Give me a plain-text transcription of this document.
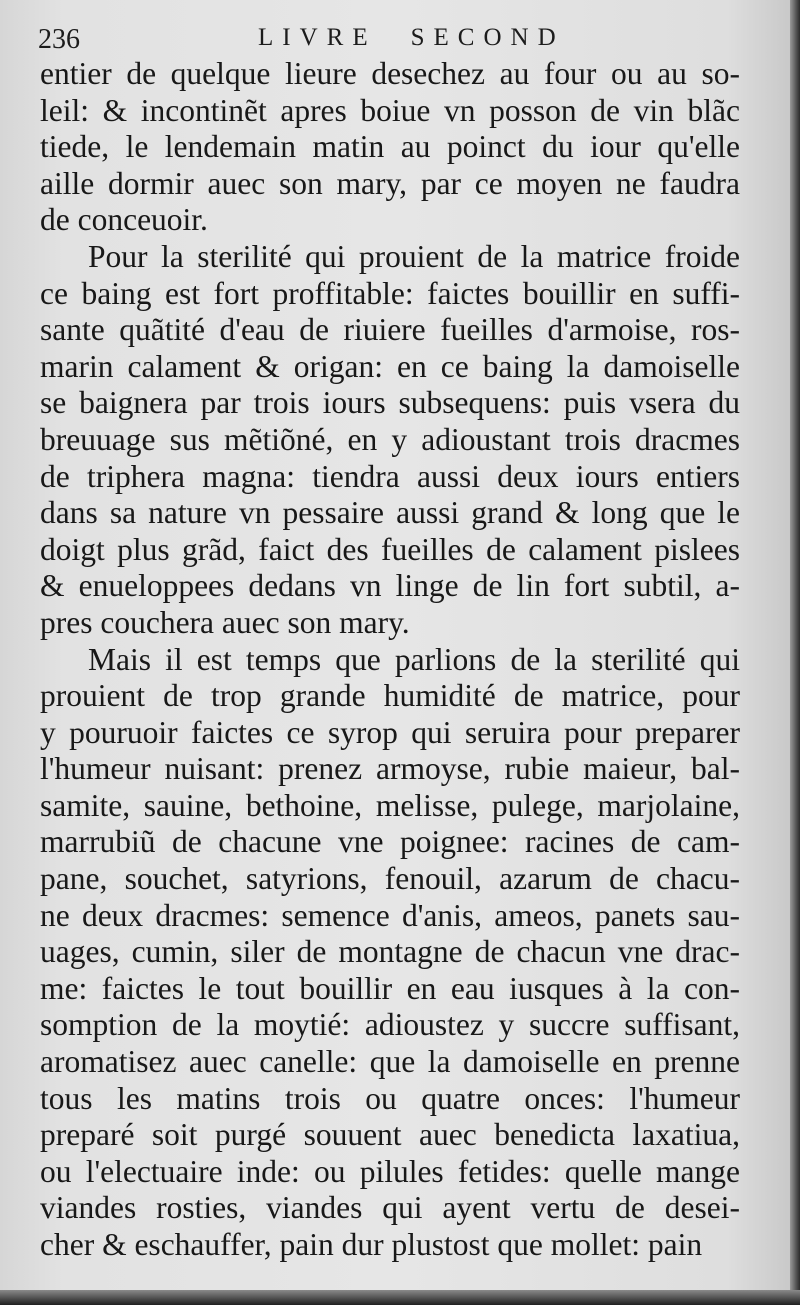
236	LIVRE SECOND
entier de quelque lieure desechez au four ou au so-
leil: & incontinẽt apres boiue vn posson de vin blãc
tiede, le lendemain matin au poinct du iour qu'elle
aille dormir auec son mary, par ce moyen ne faudra
de conceuoir.
Pour la sterilité qui prouient de la matrice froide
ce baing est fort proffitable: faictes bouillir en suffi-
sante quãtité d'eau de riuiere fueilles d'armoise, ros-
marin calament & origan: en ce baing la damoiselle
se baignera par trois iours subsequens: puis vsera du
breuuage sus mẽtiõné, en y adioustant trois dracmes
de triphera magna: tiendra aussi deux iours entiers
dans sa nature vn pessaire aussi grand & long que le
doigt plus grãd, faict des fueilles de calament pislees
& enueloppees dedans vn linge de lin fort subtil, a-
pres couchera auec son mary.
Mais il est temps que parlions de la sterilité qui
prouient de trop grande humidité de matrice, pour
y pouruoir faictes ce syrop qui seruira pour preparer
l'humeur nuisant: prenez armoyse, rubie maieur, bal-
samite, sauine, bethoine, melisse, pulege, marjolaine,
marrubiũ de chacune vne poignee: racines de cam-
pane, souchet, satyrions, fenouil, azarum de chacu-
ne deux dracmes: semence d'anis, ameos, panets sau-
uages, cumin, siler de montagne de chacun vne drac-
me: faictes le tout bouillir en eau iusques à la con-
somption de la moytié: adioustez y succre suffisant,
aromatisez auec canelle: que la damoiselle en prenne
tous les matins trois ou quatre onces: l'humeur
preparé soit purgé souuent auec benedicta laxatiua,
ou l'electuaire inde: ou pilules fetides: quelle mange
viandes rosties, viandes qui ayent vertu de desei-
cher & eschauffer, pain dur plustost que mollet: pain
